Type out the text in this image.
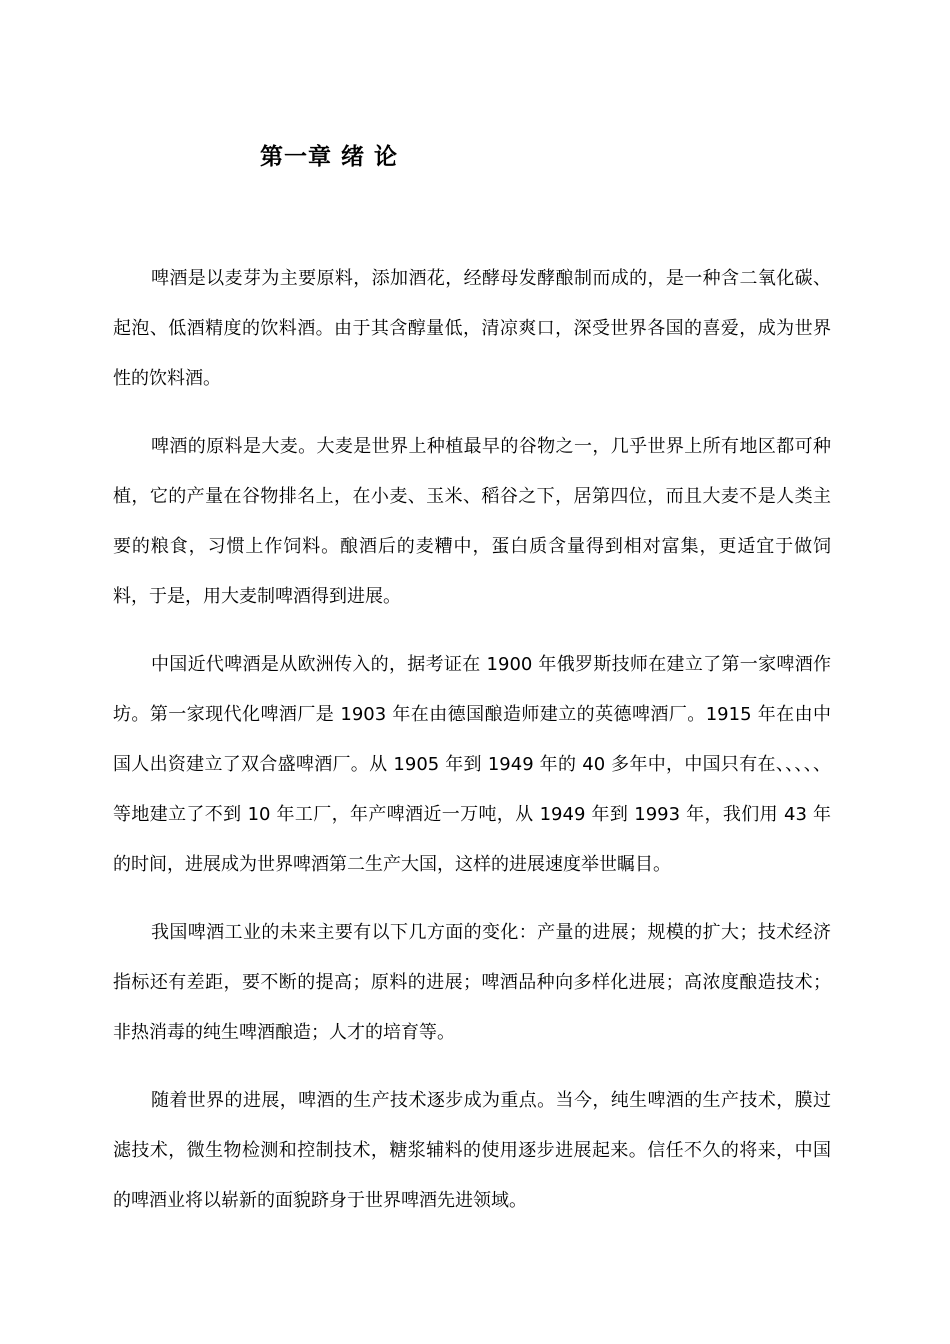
第一章 绪 论

啤酒是以麦芽为主要原料，添加酒花，经酵母发酵酿制而成的，是一种含二氧化碳、起泡、低酒精度的饮料酒。由于其含醇量低，清凉爽口，深受世界各国的喜爱，成为世界性的饮料酒。

啤酒的原料是大麦。大麦是世界上种植最早的谷物之一，几乎世界上所有地区都可种植，它的产量在谷物排名上，在小麦、玉米、稻谷之下，居第四位，而且大麦不是人类主要的粮食，习惯上作饲料。酿酒后的麦糟中，蛋白质含量得到相对富集，更适宜于做饲料，于是，用大麦制啤酒得到进展。

中国近代啤酒是从欧洲传入的，据考证在 1900 年俄罗斯技师在建立了第一家啤酒作坊。第一家现代化啤酒厂是 1903 年在由德国酿造师建立的英德啤酒厂。1915 年在由中国人出资建立了双合盛啤酒厂。从 1905 年到 1949 年的 40 多年中，中国只有在、、、、、等地建立了不到 10 年工厂，年产啤酒近一万吨，从 1949 年到 1993 年，我们用 43 年的时间，进展成为世界啤酒第二生产大国，这样的进展速度举世瞩目。

我国啤酒工业的未来主要有以下几方面的变化：产量的进展；规模的扩大；技术经济指标还有差距，要不断的提高；原料的进展；啤酒品种向多样化进展；高浓度酿造技术；非热消毒的纯生啤酒酿造；人才的培育等。

随着世界的进展，啤酒的生产技术逐步成为重点。当今，纯生啤酒的生产技术，膜过滤技术，微生物检测和控制技术，糖浆辅料的使用逐步进展起来。信任不久的将来，中国的啤酒业将以崭新的面貌跻身于世界啤酒先进领域。
